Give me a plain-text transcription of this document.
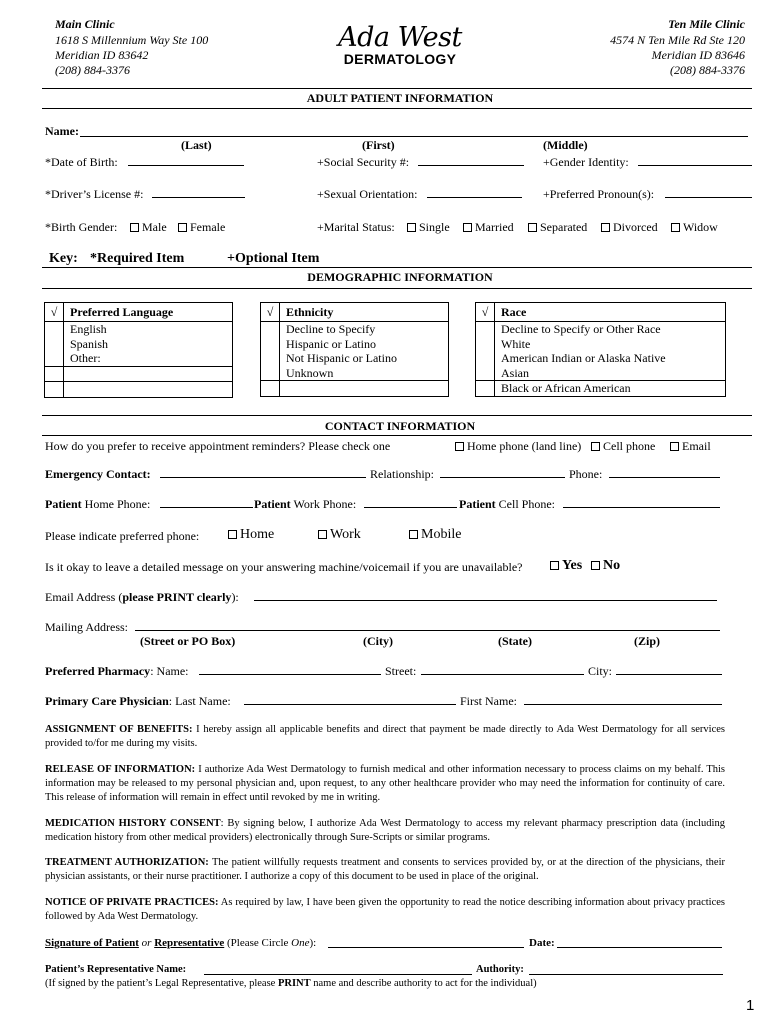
Main Clinic
1618 S Millennium Way Ste 100
Meridian ID 83642
(208) 884-3376
Ada West
DERMATOLOGY
Ten Mile Clinic
4574 N Ten Mile Rd Ste 120
Meridian ID 83646
(208) 884-3376
ADULT PATIENT INFORMATION
Name:
(Last)	(First)	(Middle)
*Date of Birth:	+Social Security #:	+Gender Identity:
*Driver’s License #:	+Sexual Orientation:	+Preferred Pronoun(s):
*Birth Gender:	Male	Female	+Marital Status:	Single	Married	Separated	Divorced	Widow
Key: *Required Item	+Optional Item
DEMOGRAPHIC INFORMATION
√	Preferred Language
	English
	Spanish
	Other:

√	Ethnicity
	Decline to Specify
	Hispanic or Latino
	Not Hispanic or Latino
	Unknown

√	Race
	Decline to Specify or Other Race
	White
	American Indian or Alaska Native
	Asian
	Black or African American
CONTACT INFORMATION
How do you prefer to receive appointment reminders? Please check one	Home phone (land line)	Cell phone	Email
Emergency Contact:	Relationship:	Phone:
Patient Home Phone:	Patient Work Phone:	Patient Cell Phone:
Please indicate preferred phone:	Home	Work	Mobile
Is it okay to leave a detailed message on your answering machine/voicemail if you are unavailable?	Yes	No
Email Address (please PRINT clearly):
Mailing Address:
(Street or PO Box)	(City)	(State)	(Zip)
Preferred Pharmacy: Name:	Street:	City:
Primary Care Physician: Last Name:	First Name:
ASSIGNMENT OF BENEFITS: I hereby assign all applicable benefits and direct that payment be made directly to Ada West Dermatology for all services provided to/for me during my visits.
RELEASE OF INFORMATION: I authorize Ada West Dermatology to furnish medical and other information necessary to process claims on my behalf. This information may be released to my personal physician and, upon request, to any other healthcare provider who may need the information for continuity of care. This release of information will remain in effect until revoked by me in writing.
MEDICATION HISTORY CONSENT: By signing below, I authorize Ada West Dermatology to access my relevant pharmacy prescription data (including medication history from other medical providers) electronically through Sure-Scripts or similar programs.
TREATMENT AUTHORIZATION: The patient willfully requests treatment and consents to services provided by, or at the direction of the physicians, their physician assistants, or their nurse practitioner. I authorize a copy of this document to be used in place of the original.
NOTICE OF PRIVATE PRACTICES: As required by law, I have been given the opportunity to read the notice describing information about privacy practices followed by Ada West Dermatology.
Signature of Patient or Representative (Please Circle One):	Date:
Patient’s Representative Name:	Authority:
(If signed by the patient’s Legal Representative, please PRINT name and describe authority to act for the individual)
1
